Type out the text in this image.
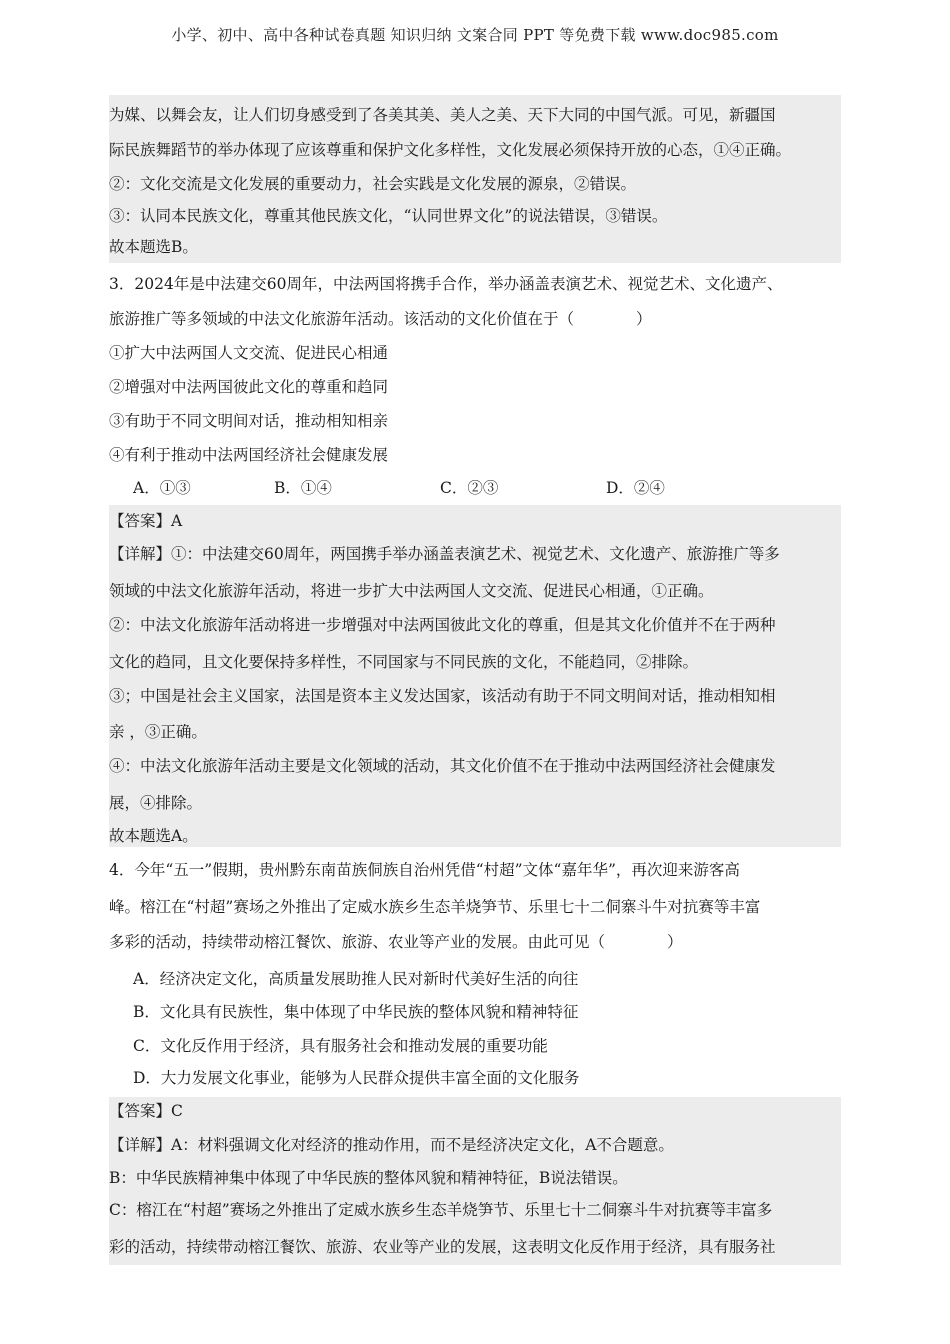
小学、初中、高中各种试卷真题 知识归纳 文案合同 PPT 等免费下载 www.doc985.com
为媒、以舞会友，让人们切身感受到了各美其美、美人之美、天下大同的中国气派。可见，新疆国
际民族舞蹈节的举办体现了应该尊重和保护文化多样性，文化发展必须保持开放的心态，①④正确。
②：文化交流是文化发展的重要动力，社会实践是文化发展的源泉，②错误。
③：认同本民族文化，尊重其他民族文化，“认同世界文化”的说法错误，③错误。
故本题选B。
3．2024年是中法建交60周年，中法两国将携手合作，举办涵盖表演艺术、视觉艺术、文化遗产、
旅游推广等多领域的中法文化旅游年活动。该活动的文化价值在于（　　　　）
①扩大中法两国人文交流、促进民心相通
②增强对中法两国彼此文化的尊重和趋同
③有助于不同文明间对话，推动相知相亲
④有利于推动中法两国经济社会健康发展
A．①③	B．①④	C．②③	D．②④
【答案】A
【详解】①：中法建交60周年，两国携手举办涵盖表演艺术、视觉艺术、文化遗产、旅游推广等多
领域的中法文化旅游年活动，将进一步扩大中法两国人文交流、促进民心相通，①正确。
②：中法文化旅游年活动将进一步增强对中法两国彼此文化的尊重，但是其文化价值并不在于两种
文化的趋同，且文化要保持多样性，不同国家与不同民族的文化，不能趋同，②排除。
③；中国是社会主义国家，法国是资本主义发达国家，该活动有助于不同文明间对话，推动相知相
亲 ，③正确。
④：中法文化旅游年活动主要是文化领域的活动，其文化价值不在于推动中法两国经济社会健康发
展，④排除。
故本题选A。
4．今年“五一”假期，贵州黔东南苗族侗族自治州凭借“村超”文体“嘉年华”，再次迎来游客高
峰。榕江在“村超”赛场之外推出了定威水族乡生态羊烧笋节、乐里七十二侗寨斗牛对抗赛等丰富
多彩的活动，持续带动榕江餐饮、旅游、农业等产业的发展。由此可见（　　　　）
A．经济决定文化，高质量发展助推人民对新时代美好生活的向往
B．文化具有民族性，集中体现了中华民族的整体风貌和精神特征
C．文化反作用于经济，具有服务社会和推动发展的重要功能
D．大力发展文化事业，能够为人民群众提供丰富全面的文化服务
【答案】C
【详解】A：材料强调文化对经济的推动作用，而不是经济决定文化，A不合题意。
B：中华民族精神集中体现了中华民族的整体风貌和精神特征，B说法错误。
C：榕江在“村超”赛场之外推出了定威水族乡生态羊烧笋节、乐里七十二侗寨斗牛对抗赛等丰富多
彩的活动，持续带动榕江餐饮、旅游、农业等产业的发展，这表明文化反作用于经济，具有服务社
